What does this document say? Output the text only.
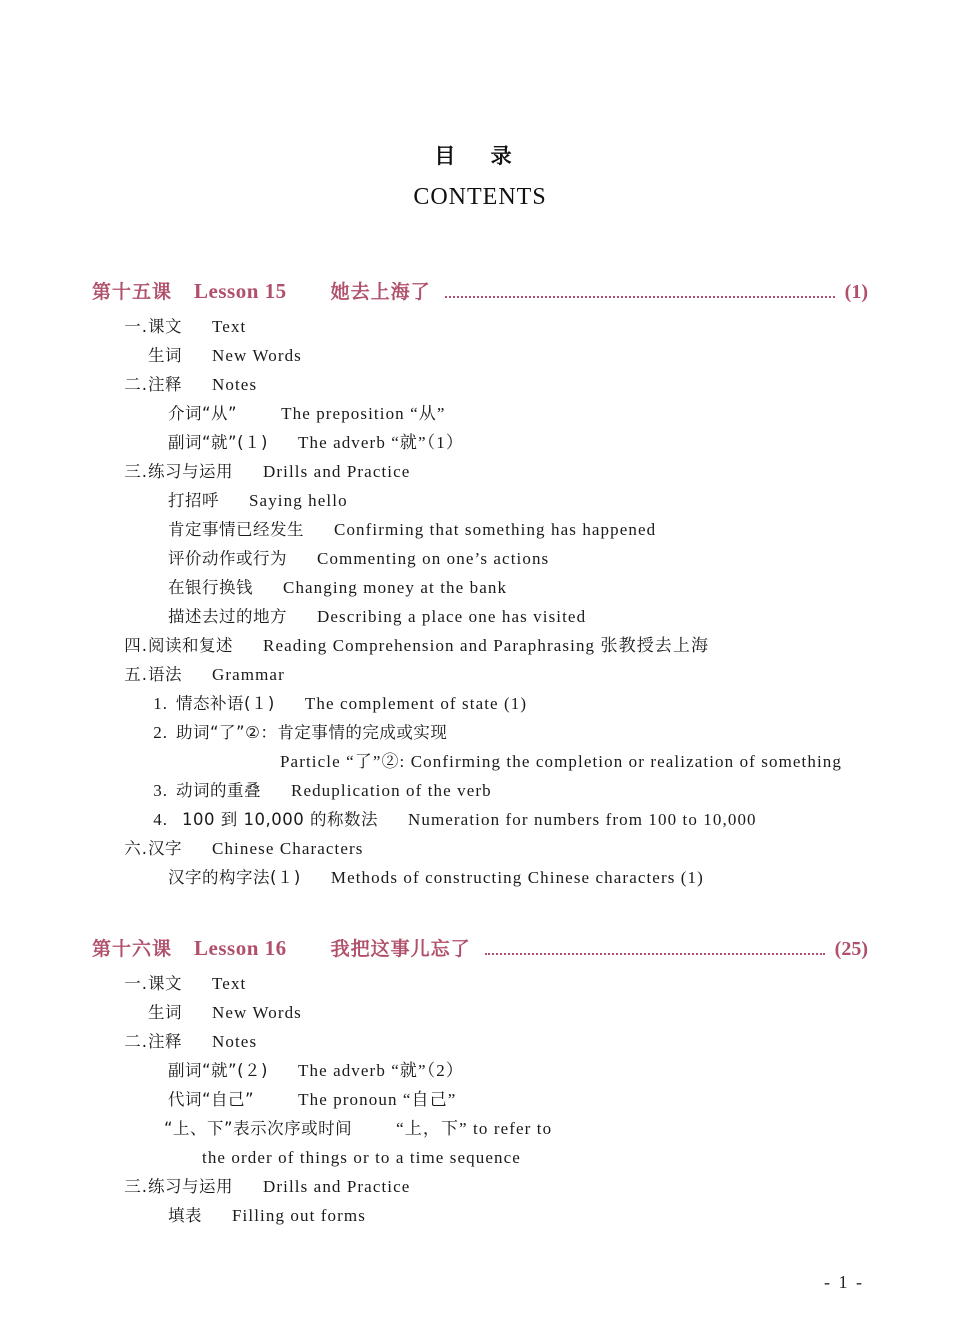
目 录
CONTENTS
第十五课 Lesson 15 她去上海了	(1)
一. 课文 Text
生词 New Words
二. 注释 Notes
介词“从”	The preposition “从”
副词“就”(１) The adverb “就”（1）
三. 练习与运用 Drills and Practice
打招呼 Saying hello
肯定事情已经发生 Confirming that something has happened
评价动作或行为 Commenting on one’s actions
在银行换钱 Changing money at the bank
描述去过的地方 Describing a place one has visited
四. 阅读和复述 Reading Comprehension and Paraphrasing 张教授去上海
五. 语法 Grammar
1. 情态补语(１) The complement of state (1)
2. 助词“了”②：肯定事情的完成或实现
Particle “了”②: Confirming the completion or realization of something
3. 动词的重叠 Reduplication of the verb
4. 100 到 10,000 的称数法 Numeration for numbers from 100 to 10,000
六. 汉字 Chinese Characters
汉字的构字法(１) Methods of constructing Chinese characters (1)
第十六课 Lesson 16 我把这事儿忘了	(25)
一. 课文 Text
生词 New Words
二. 注释 Notes
副词“就”(２) The adverb “就”（2）
代词“自己”	The pronoun “自己”
“上、下”表示次序或时间	“上，下” to refer to
the order of things or to a time sequence
三. 练习与运用 Drills and Practice
填表 Filling out forms
- 1 -
